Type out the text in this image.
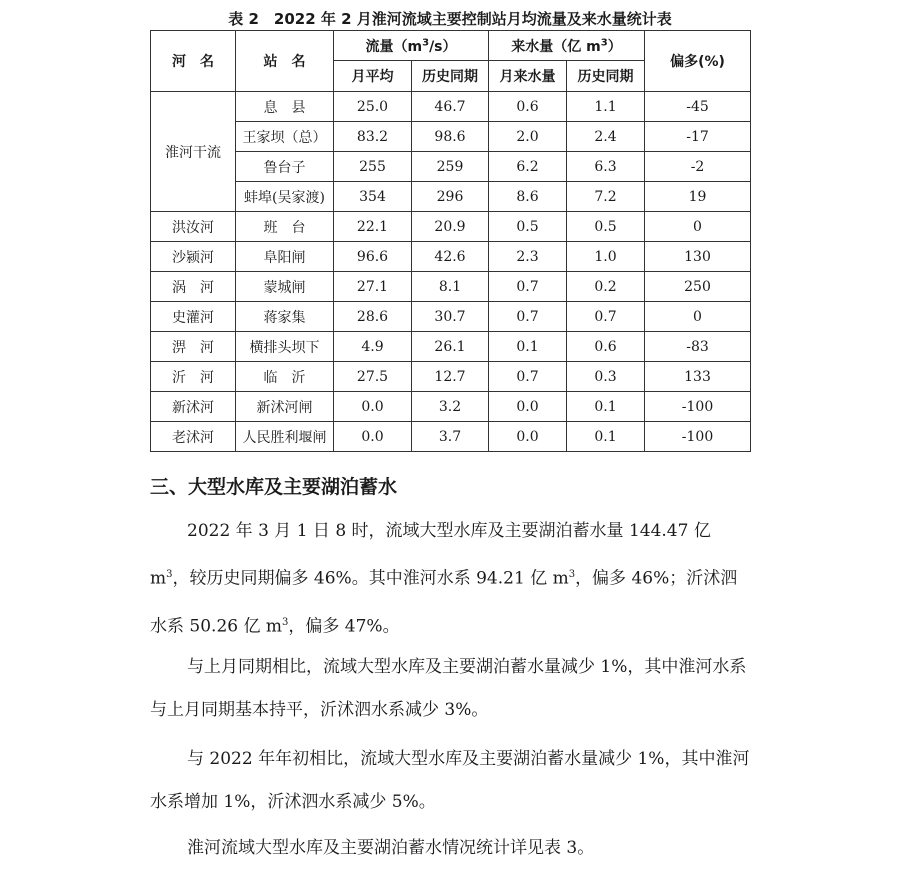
表 2　2022 年 2 月淮河流域主要控制站月均流量及来水量统计表
河　名	站　名	流量$(m^3/s)$		来水量（亿 $m^3$）		偏多(%)
		月平均	历史同期	月来水量	历史同期	
淮河干流	息　县	25.0	46.7	0.6	1.1	-45
	王家坝（总）	83.2	98.6	2.0	2.4	-17
	鲁台子	255	259	6.2	6.3	-2
	蚌埠(吴家渡)	354	296	8.6	7.2	19
洪汝河	班　台	22.1	20.9	0.5	0.5	0
沙颍河	阜阳闸	96.6	42.6	2.3	1.0	130
涡　河	蒙城闸	27.1	8.1	0.7	0.2	250
史灌河	蒋家集	28.6	30.7	0.7	0.7	0
淠　河	横排头坝下	4.9	26.1	0.1	0.6	-83
沂　河	临　沂	27.5	12.7	0.7	0.3	133
新沭河	新沭河闸	0.0	3.2	0.0	0.1	-100
老沭河	人民胜利堰闸	0.0	3.7	0.0	0.1	-100
三、大型水库及主要湖泊蓄水

2022 年 3 月 1 日 8 时，流域大型水库及主要湖泊蓄水量 144.47 亿 $m^3$，较历史同期偏多 46%。其中淮河水系 94.21 亿 $m^3$，偏多 46%；沂沭泗水系 50.26 亿 $m^3$，偏多 47%。

与上月同期相比，流域大型水库及主要湖泊蓄水量减少 1%，其中淮河水系与上月同期基本持平，沂沭泗水系减少 3%。

与 2022 年年初相比，流域大型水库及主要湖泊蓄水量减少 1%，其中淮河水系增加 1%，沂沭泗水系减少 5%。

淮河流域大型水库及主要湖泊蓄水情况统计详见表 3。
